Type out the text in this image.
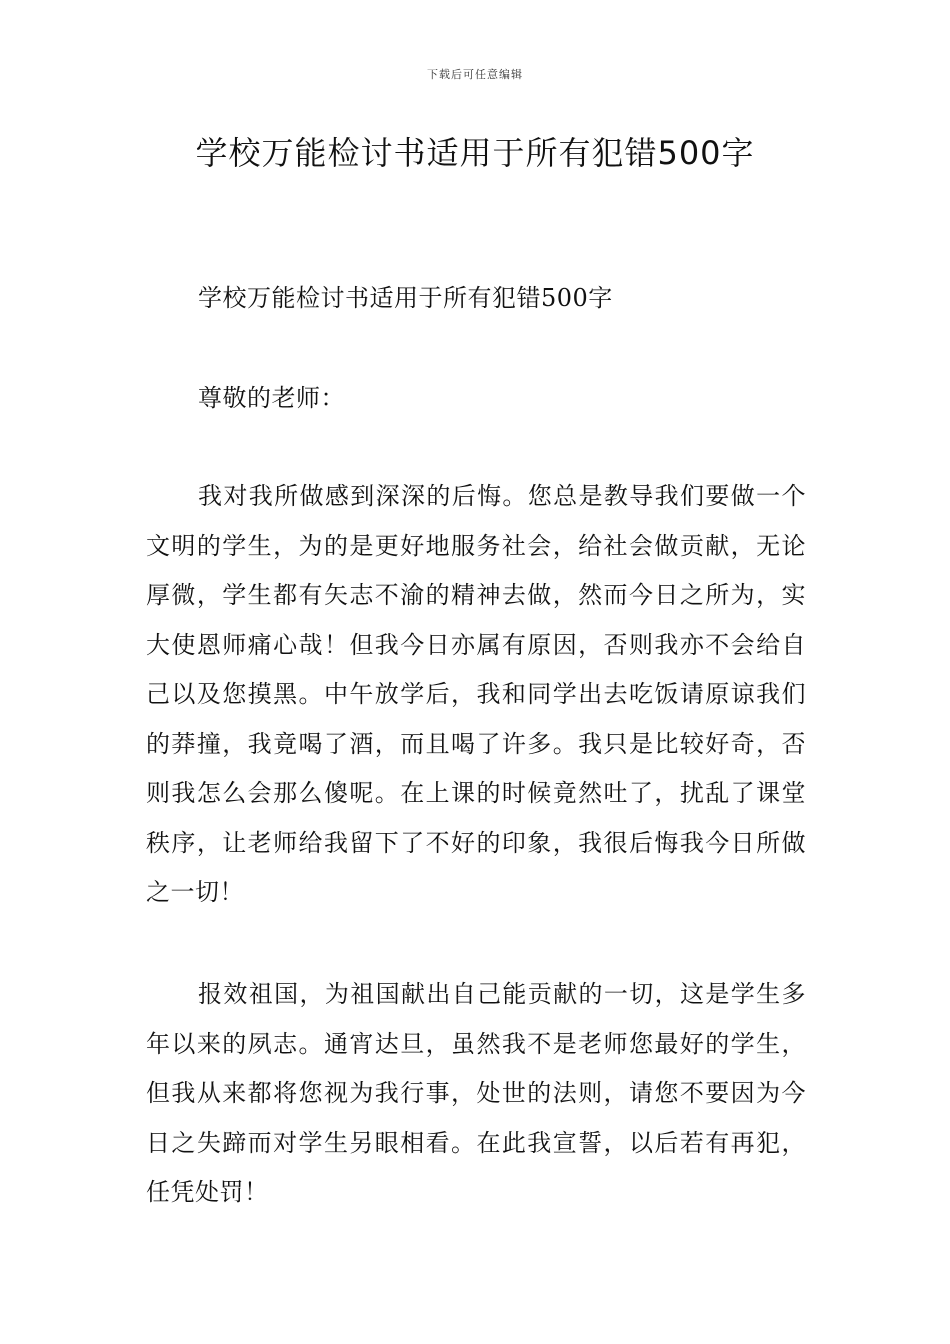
下载后可任意编辑
学校万能检讨书适用于所有犯错500字

学校万能检讨书适用于所有犯错500字

尊敬的老师：

我对我所做感到深深的后悔。您总是教导我们要做一个文明的学生，为的是更好地服务社会，给社会做贡献，无论厚微，学生都有矢志不渝的精神去做，然而今日之所为，实大使恩师痛心哉！但我今日亦属有原因，否则我亦不会给自己以及您摸黑。中午放学后，我和同学出去吃饭请原谅我们的莽撞，我竟喝了酒，而且喝了许多。我只是比较好奇，否则我怎么会那么傻呢。在上课的时候竟然吐了，扰乱了课堂秩序，让老师给我留下了不好的印象，我很后悔我今日所做之一切！

报效祖国，为祖国献出自己能贡献的一切，这是学生多年以来的夙志。通宵达旦，虽然我不是老师您最好的学生，但我从来都将您视为我行事，处世的法则，请您不要因为今日之失蹄而对学生另眼相看。在此我宣誓，以后若有再犯，任凭处罚！
